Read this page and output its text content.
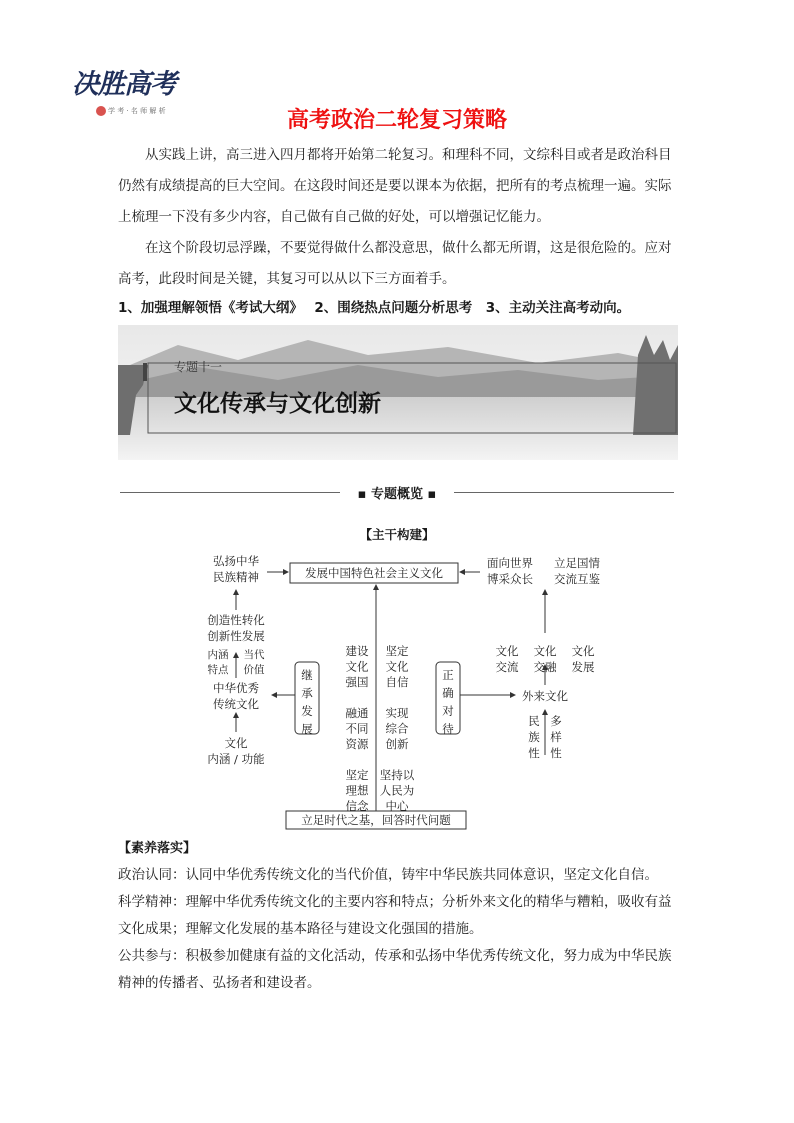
决胜高考
学 考 · 名 师 解 析	高考政治二轮复习策略
从实践上讲，高三进入四月都将开始第二轮复习。和理科不同，文综科目或者是政治科目仍然有成绩提高的巨大空间。在这段时间还是要以课本为依据，把所有的考点梳理一遍。实际上梳理一下没有多少内容，自己做有自己做的好处，可以增强记忆能力。
在这个阶段切忌浮躁，不要觉得做什么都没意思，做什么都无所谓，这是很危险的。应对高考，此段时间是关键，其复习可以从以下三方面着手。
1、加强理解领悟《考试大纲》　 2、围绕热点问题分析思考　3、主动关注高考动向。
专题十一
文化传承与文化创新
▪ 专题概览 ▪
【主干构建】
发展中国特色社会主义文化
立足时代之基，回答时代问题
弘扬中华
民族精神
创造性转化
创新性发展
内涵
特点
当代
价值
中华优秀
传统文化
文化
内涵 / 功能
继
承
发
展
正
确
对
待
建设
文化
强国
融通
不同
资源
坚定
理想
信念
坚定
文化
自信
实现
综合
创新
坚持以
人民为
中心
面向世界
博采众长
立足国情
交流互鉴
文化
交流
文化
交融
文化
发展
外来文化
民
族
性
多
样
性
【素养落实】
政治认同：认同中华优秀传统文化的当代价值，铸牢中华民族共同体意识，坚定文化自信。
科学精神：理解中华优秀传统文化的主要内容和特点；分析外来文化的精华与糟粕，吸收有益文化成果；理解文化发展的基本路径与建设文化强国的措施。
公共参与：积极参加健康有益的文化活动，传承和弘扬中华优秀传统文化，努力成为中华民族精神的传播者、弘扬者和建设者。
